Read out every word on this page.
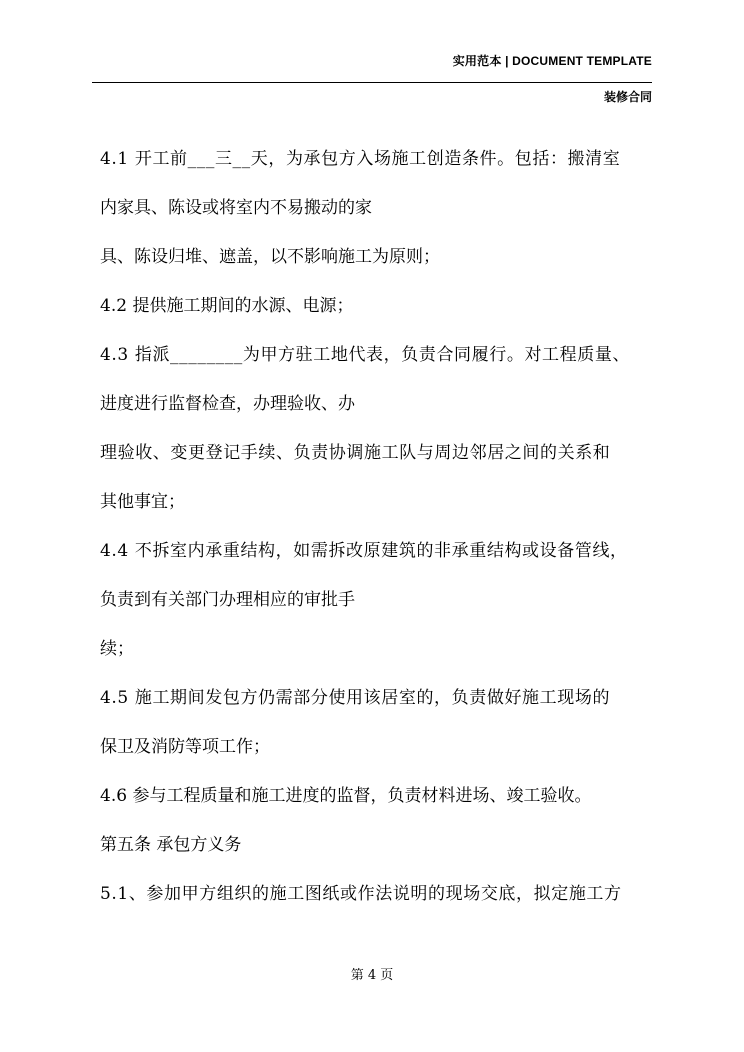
实用范本 | DOCUMENT TEMPLATE
装修合同
4.1 开工前___三__天，为承包方入场施工创造条件。包括：搬清室
内家具、陈设或将室内不易搬动的家
具、陈设归堆、遮盖，以不影响施工为原则；
4.2 提供施工期间的水源、电源；
4.3 指派________为甲方驻工地代表，负责合同履行。对工程质量、
进度进行监督检查，办理验收、办
理验收、变更登记手续、负责协调施工队与周边邻居之间的关系和
其他事宜；
4.4 不拆室内承重结构，如需拆改原建筑的非承重结构或设备管线，
负责到有关部门办理相应的审批手
续；
4.5 施工期间发包方仍需部分使用该居室的，负责做好施工现场的
保卫及消防等项工作；
4.6 参与工程质量和施工进度的监督，负责材料进场、竣工验收。
第五条 承包方义务
5.1、参加甲方组织的施工图纸或作法说明的现场交底，拟定施工方
第 4 页
